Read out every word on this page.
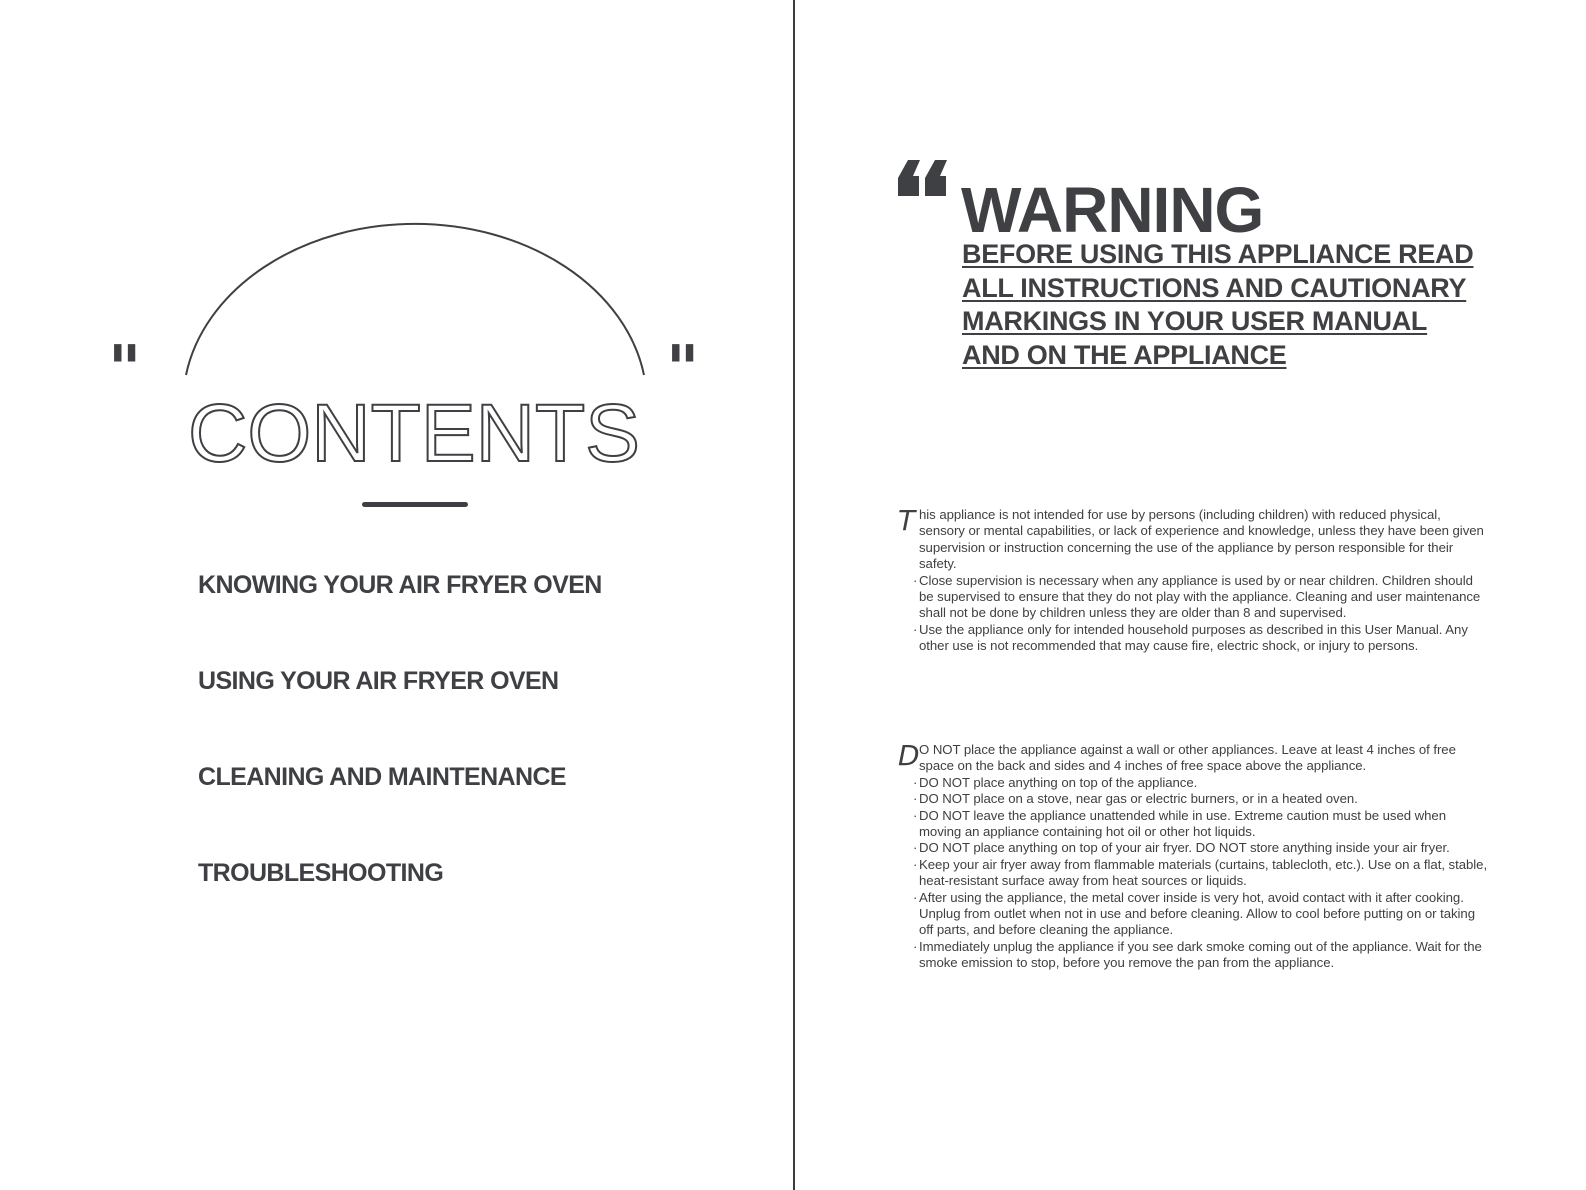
"	"
CONTENTS
KNOWING YOUR AIR FRYER OVEN
USING YOUR AIR FRYER OVEN
CLEANING AND MAINTENANCE
TROUBLESHOOTING
WARNING
BEFORE USING THIS APPLIANCE READ ALL INSTRUCTIONS AND CAUTIONARY MARKINGS IN YOUR USER MANUAL AND ON THE APPLIANCE
T his appliance is not intended for use by persons (including children) with reduced physical, sensory or mental capabilities, or lack of experience and knowledge, unless they have been given supervision or instruction concerning the use of the appliance by person responsible for their safety.
· Close supervision is necessary when any appliance is used by or near children. Children should be supervised to ensure that they do not play with the appliance. Cleaning and user maintenance shall not be done by children unless they are older than 8 and supervised.
· Use the appliance only for intended household purposes as described in this User Manual. Any other use is not recommended that may cause fire, electric shock, or injury to persons.

D O NOT place the appliance against a wall or other appliances. Leave at least 4 inches of free space on the back and sides and 4 inches of free space above the appliance.
· DO NOT place anything on top of the appliance.
· DO NOT place on a stove, near gas or electric burners, or in a heated oven.
· DO NOT leave the appliance unattended while in use. Extreme caution must be used when moving an appliance containing hot oil or other hot liquids.
· DO NOT place anything on top of your air fryer. DO NOT store anything inside your air fryer.
· Keep your air fryer away from flammable materials (curtains, tablecloth, etc.). Use on a flat, stable, heat-resistant surface away from heat sources or liquids.
· After using the appliance, the metal cover inside is very hot, avoid contact with it after cooking. Unplug from outlet when not in use and before cleaning. Allow to cool before putting on or taking off parts, and before cleaning the appliance.
· Immediately unplug the appliance if you see dark smoke coming out of the appliance. Wait for the smoke emission to stop, before you remove the pan from the appliance.
